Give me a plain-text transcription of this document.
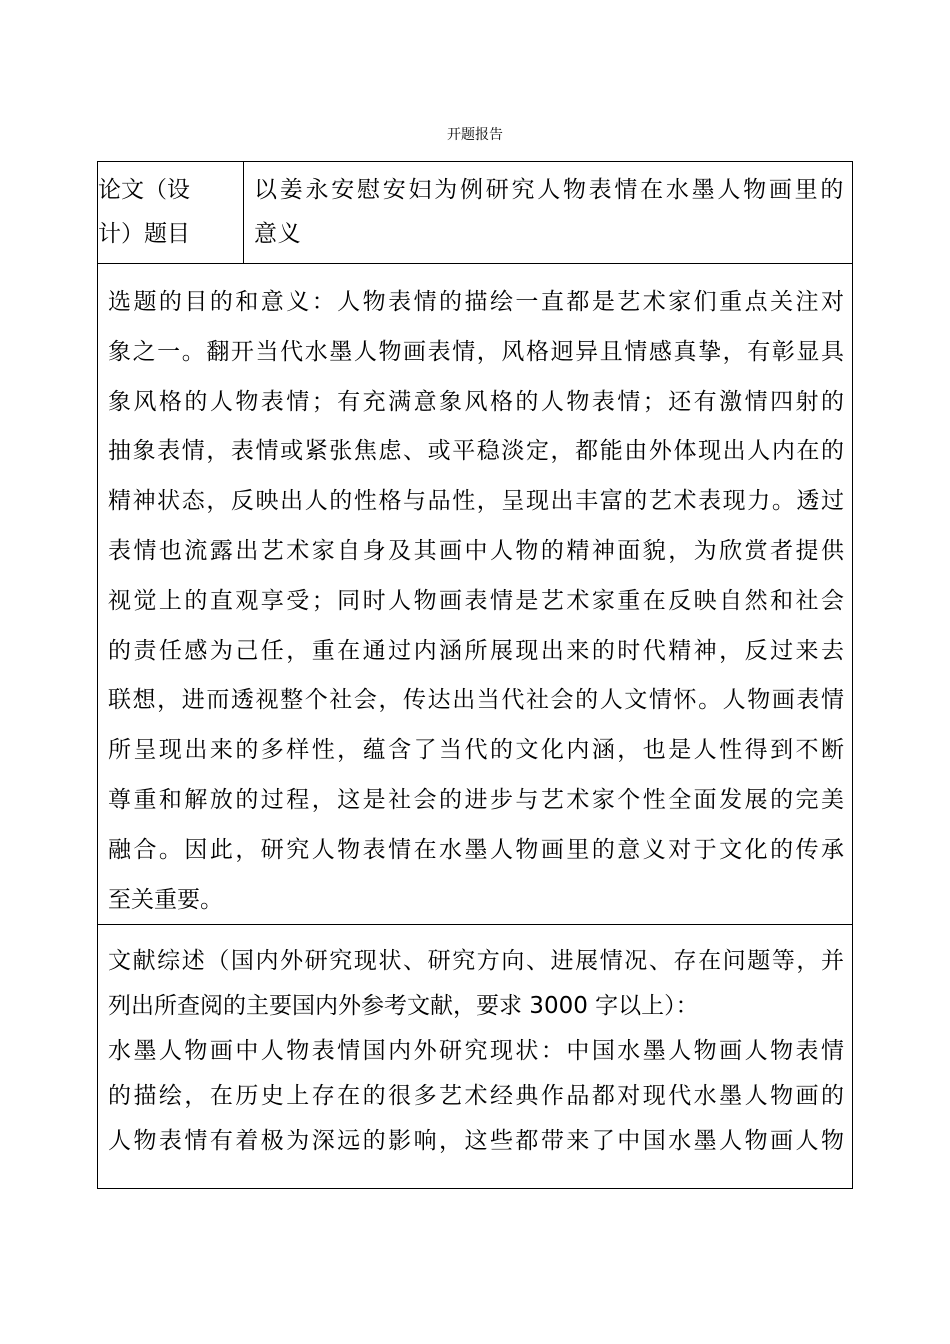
开题报告
论文（设
计）题目
以姜永安慰安妇为例研究人物表情在水墨人物画里的
意义
选题的目的和意义：人物表情的描绘一直都是艺术家们重点关注对
象之一。翻开当代水墨人物画表情，风格迥异且情感真挚，有彰显具
象风格的人物表情；有充满意象风格的人物表情；还有激情四射的
抽象表情，表情或紧张焦虑、或平稳淡定，都能由外体现出人内在的
精神状态，反映出人的性格与品性，呈现出丰富的艺术表现力。透过
表情也流露出艺术家自身及其画中人物的精神面貌，为欣赏者提供
视觉上的直观享受；同时人物画表情是艺术家重在反映自然和社会
的责任感为己任，重在通过内涵所展现出来的时代精神，反过来去
联想，进而透视整个社会，传达出当代社会的人文情怀。人物画表情
所呈现出来的多样性，蕴含了当代的文化内涵，也是人性得到不断
尊重和解放的过程，这是社会的进步与艺术家个性全面发展的完美
融合。因此，研究人物表情在水墨人物画里的意义对于文化的传承
至关重要。
文献综述（国内外研究现状、研究方向、进展情况、存在问题等，并
列出所查阅的主要国内外参考文献，要求 3000 字以上）：
水墨人物画中人物表情国内外研究现状：中国水墨人物画人物表情
的描绘，在历史上存在的很多艺术经典作品都对现代水墨人物画的
人物表情有着极为深远的影响，这些都带来了中国水墨人物画人物
